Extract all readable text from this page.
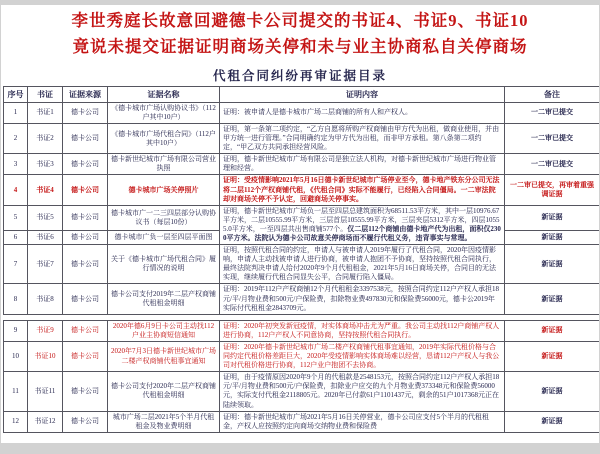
李世秀庭长故意回避德卡公司提交的书证4、书证9、书证10
竟说未提交证据证明商场关停和未与业主协商私自关停商场
代租合同纠纷再审证据目录
序号	书证	证据来源	证据名称	证明内容	备注
1	书证1	德卡公司	《德卡城市广场认购协议书》（112户其中10户）	证明：被申请人是德卡城市广场二层商铺的所有人和产权人。	一二审已提交
2	书证2	德卡公司	《德卡城市广场代租合同》（112户其中10户）	证明，第一条第二项约定，“乙方自愿将所购产权商铺由甲方代为出租，做商业使用，并由甲方统一进行管理。”合同明确约定为甲方代为出租，而非甲方承租。第八条第二项约定，“甲乙双方共同承担经营风险。	一二审已提交
3	书证3	德卡公司	德卡新世纪城市广场有限公司营业执照	证明，德卡新世纪城市广场有限公司是独立法人机构，对德卡新世纪城市广场进行物业管理和经营。	一二审已提交
4	书证4	德卡公司	德卡城市广场关停照片	证明：受疫情影响2021年5月16日德卡新世纪城市广场停业至今，德卡地产铁东分公司无法将二层112个产权商铺代租，《代租合同》实际不能履行，已经陷入合同僵局。一二审法院却对商场关停不予认定，回避商场关停事实。	一二审已提交，再审着重强调证据
5	书证5	德卡公司	德卡城市广一二三四层部分认购协议书（每层10份）	证明，德卡新世纪城市广场负一层至四层总建筑面积为68511.53平方米，其中一层10976.67平方米，二层10555.99平方米，三层首层10555.99平方米，三层夹层5312平方米，四层10555.0平方米，一至四层共出售商铺577个。仅二层112个商铺由德卡地产代为出租，面积仅2300平方米。法院认为德卡公司故意关停商场而不履行代租义务，违背事实与常理。	新证据
6	书证6	德卡公司	德卡城市广负一层至四层平面图		新证据
7	书证7	德卡公司	关于《德卡城市广场代租合同》履行情况的说明	证明，按照代租合同的约定，申请人与被申请人2019年履行了代租合同，2020年因疫情影响，申请人主动找被申请人进行协商，被申请人抱团不予协商，坚持按照代租合同执行，最终法院判决申请人给付2020年9个月代租租金，2021年5月16日商场关停，合同目的无法实现，继续履行代租合同显失公平，合同履行陷入僵局。	新证据
8	书证8	德卡公司	德卡公司支付2019年二层产权商铺代租租金明细	证明：2019年112户产权商铺12个月代租租金3397538元，按照合同约定112户产权人承担18元/平/月物业费和500元/户保险费，扣除物业费497830元和保险费56000元，德卡公2019年实际付代租租金2843709元。	新证据
9	书证9	德卡公司	2020年德6月9日卡公司主动找112户业主协商短信通知	证明：2020年初突发新冠疫情，对实体商场冲击尤为严重。我公司主动找112户商铺产权人进行协商，112户产权人不同意协商，坚持按照代租合同执行。	新证据
10	书证10	德卡公司	2020年7月3日德卡新世纪城市广场二楼产权商铺代租事宜通知	证明：2020年德卡新世纪城市广场二楼产权商铺代租事宜通知，2019年实际代租价格与合同约定代租价格差距巨大，2020年受疫情影响实体商场难以经营，恳请112户产权人与我公司对代租价格进行协商，112户业户抱团不去协商。	新证据
11	书证11	德卡公司	德卡公司支付2020年二层产权商铺代租租金明细	证明，由于疫情原因2020年9个月的代租款是2548153元，按照合同约定112户产权人承担18元/平/月物业费和500元/户保险费，扣除业户应交的九个月物业费373348元和保险费56000元，实际支付代租金2118805元。2020年已付款61户1101437元，剩余的51户1017368元正在陆续领取。	新证据
12	书证12	德卡公司	城市广场二层2021年5个半月代租租金及物业费明细	证明：德卡新世纪城市广场2021年5月16日关停营业，德卡公司应支付5个半月的代租租金，产权人应按照约定向商场交纳物业费和保险费	新证据
